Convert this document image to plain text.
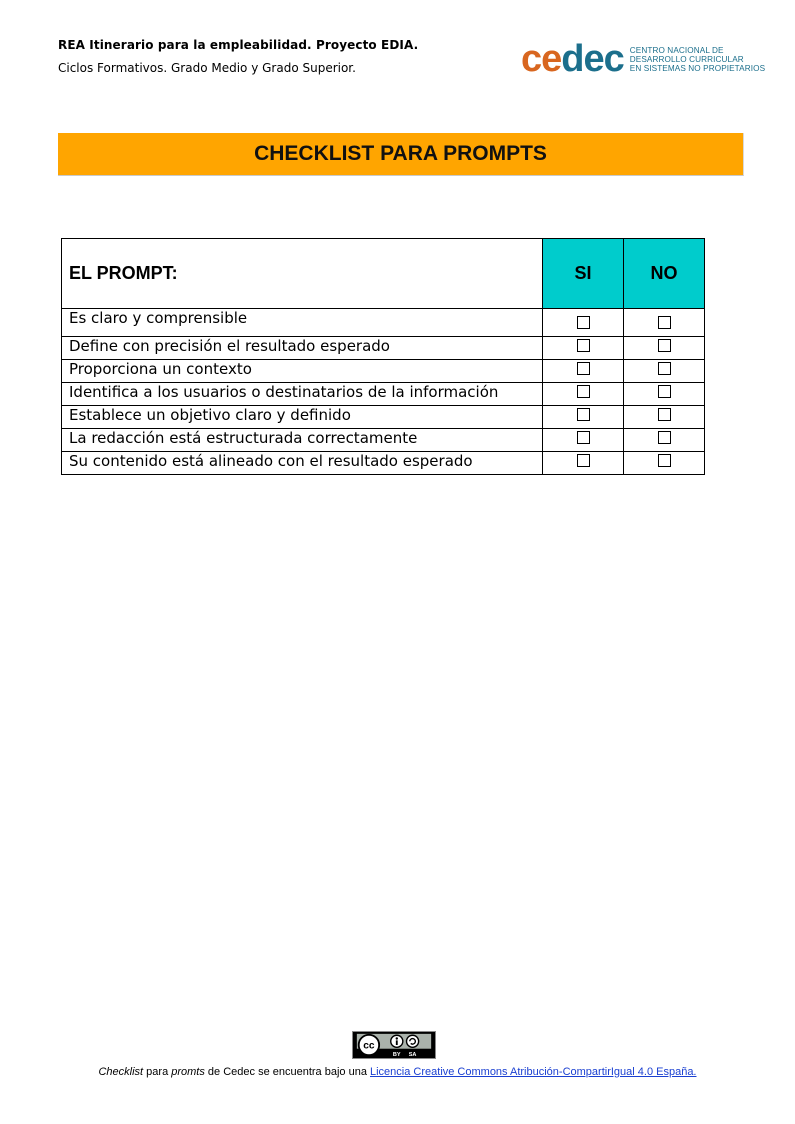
REA Itinerario para la empleabilidad. Proyecto EDIA.
Ciclos Formativos. Grado Medio y Grado Superior.	cedec CENTRO NACIONAL DE
DESARROLLO CURRICULAR
EN SISTEMAS NO PROPIETARIOS
CHECKLIST PARA PROMPTS
EL PROMPT:	SI	NO
Es claro y comprensible		
Define con precisión el resultado esperado		
Proporciona un contexto		
Identifica a los usuarios o destinatarios de la información		
Establece un objetivo claro y definido		
La redacción está estructurada correctamente		
Su contenido está alineado con el resultado esperado		
cc
BY SA
Checklist para promts de Cedec se encuentra bajo una Licencia Creative Commons Atribución-CompartirIgual 4.0 España.
